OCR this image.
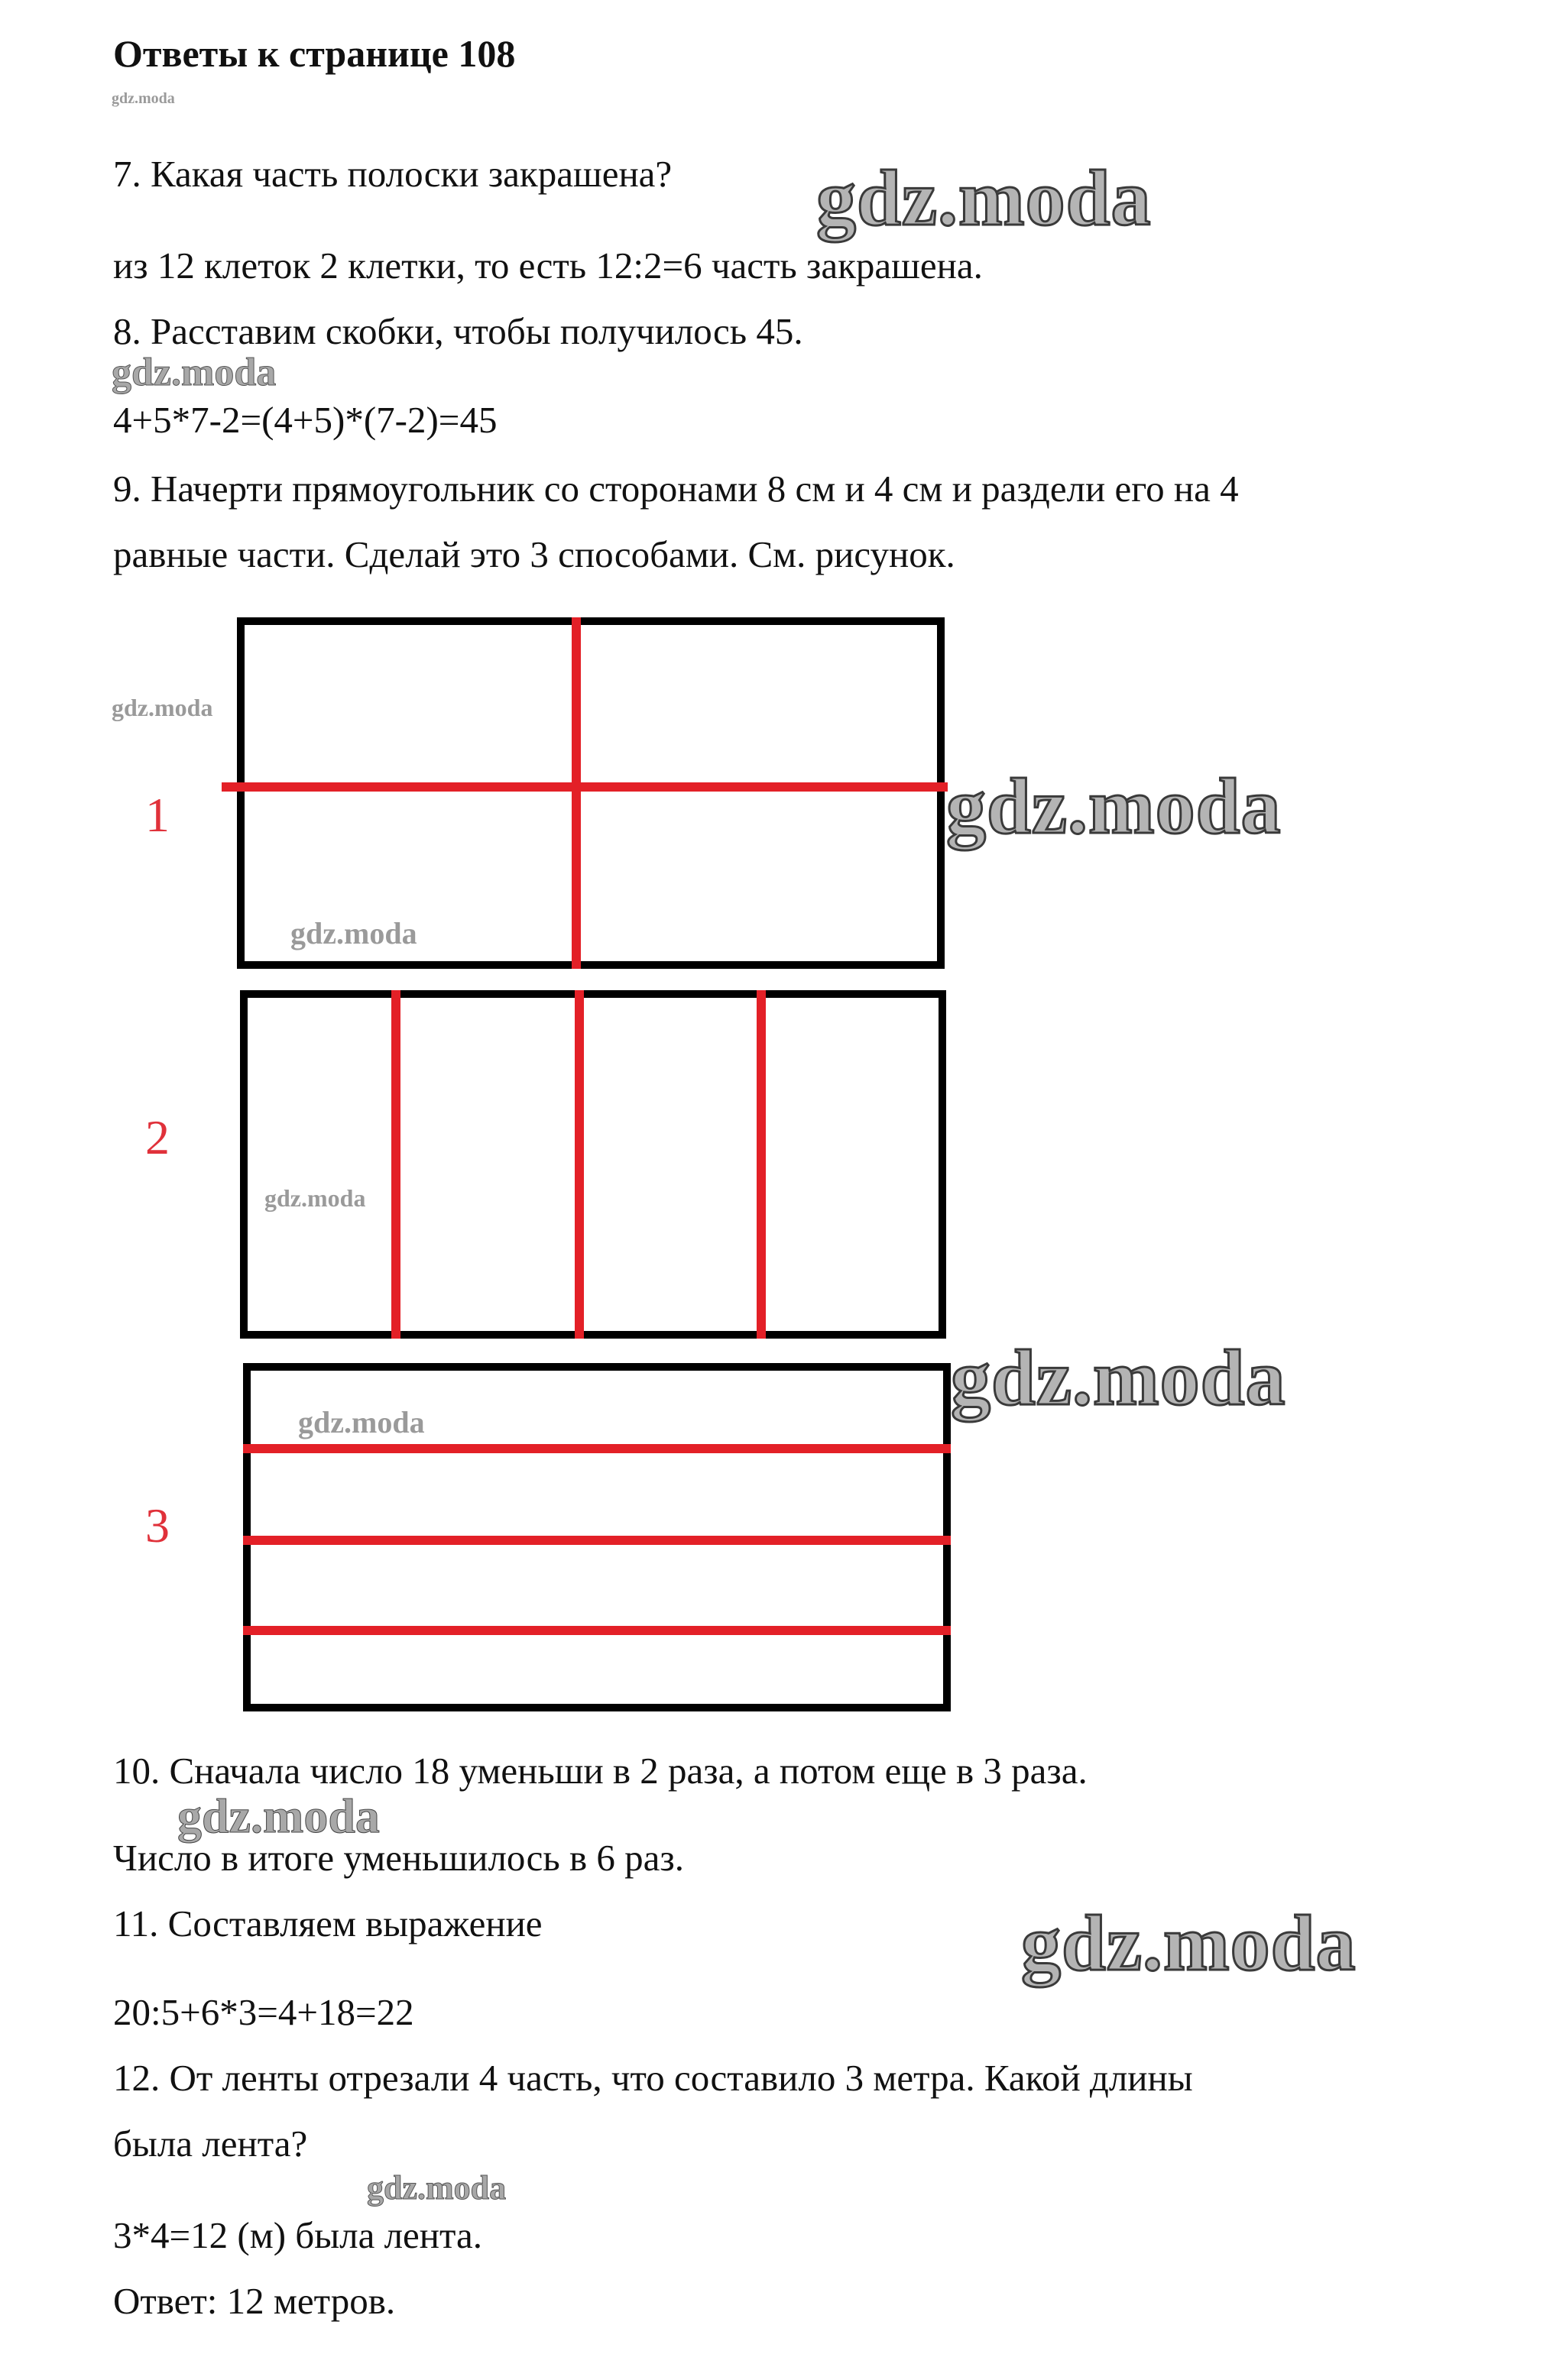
Ответы к странице 108
gdz.moda
7. Какая часть полоски закрашена? gdz.moda
из 12 клеток 2 клетки, то есть 12:2=6 часть закрашена.
8. Расставим скобки, чтобы получилось 45.
gdz.moda
4+5*7-2=(4+5)*(7-2)=45
9. Начерти прямоугольник со сторонами 8 см и 4 см и раздели его на 4
равные части. Сделай это 3 способами. См. рисунок.
1
gdz.moda
gdz.moda
gdz.moda
2
gdz.moda
3
gdz.moda
gdz.moda
10. Сначала число 18 уменьши в 2 раза, а потом еще в 3 раза.
gdz.moda
Число в итоге уменьшилось в 6 раз.
11. Составляем выражение	gdz.moda
20:5+6*3=4+18=22
12. От ленты отрезали 4 часть, что составило 3 метра. Какой длины
была лента?
gdz.moda
3*4=12 (м) была лента.
Ответ: 12 метров.
